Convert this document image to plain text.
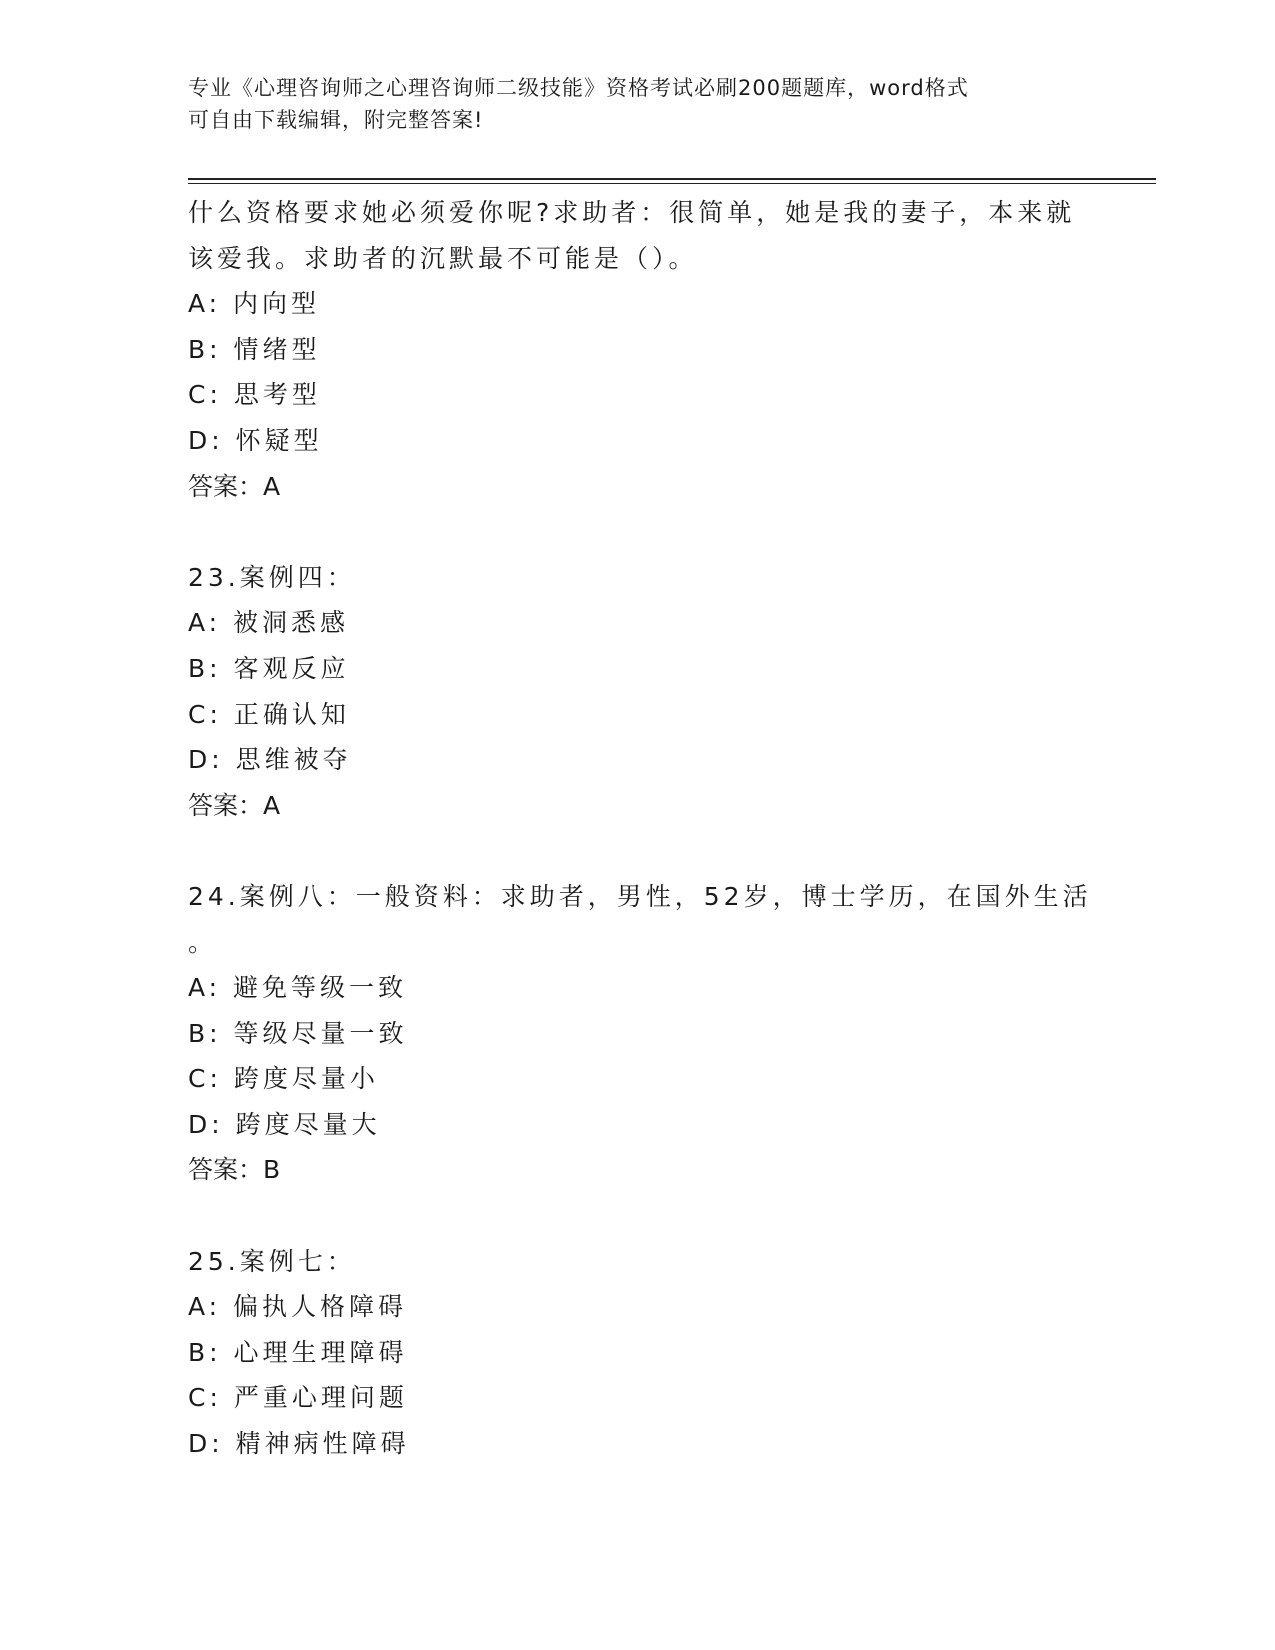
专业《心理咨询师之心理咨询师二级技能》资格考试必刷200题题库，word格式
可自由下载编辑，附完整答案!
什么资格要求她必须爱你呢?求助者：很简单，她是我的妻子，本来就
该爱我。求助者的沉默最不可能是（）。
A: 内向型
B: 情绪型
C: 思考型
D: 怀疑型
答案：A
23.案例四：
A: 被洞悉感
B: 客观反应
C: 正确认知
D: 思维被夺
答案：A
24.案例八：一般资料：求助者，男性，52岁，博士学历，在国外生活
。
A: 避免等级一致
B: 等级尽量一致
C: 跨度尽量小
D: 跨度尽量大
答案：B
25.案例七：
A: 偏执人格障碍
B: 心理生理障碍
C: 严重心理问题
D: 精神病性障碍
